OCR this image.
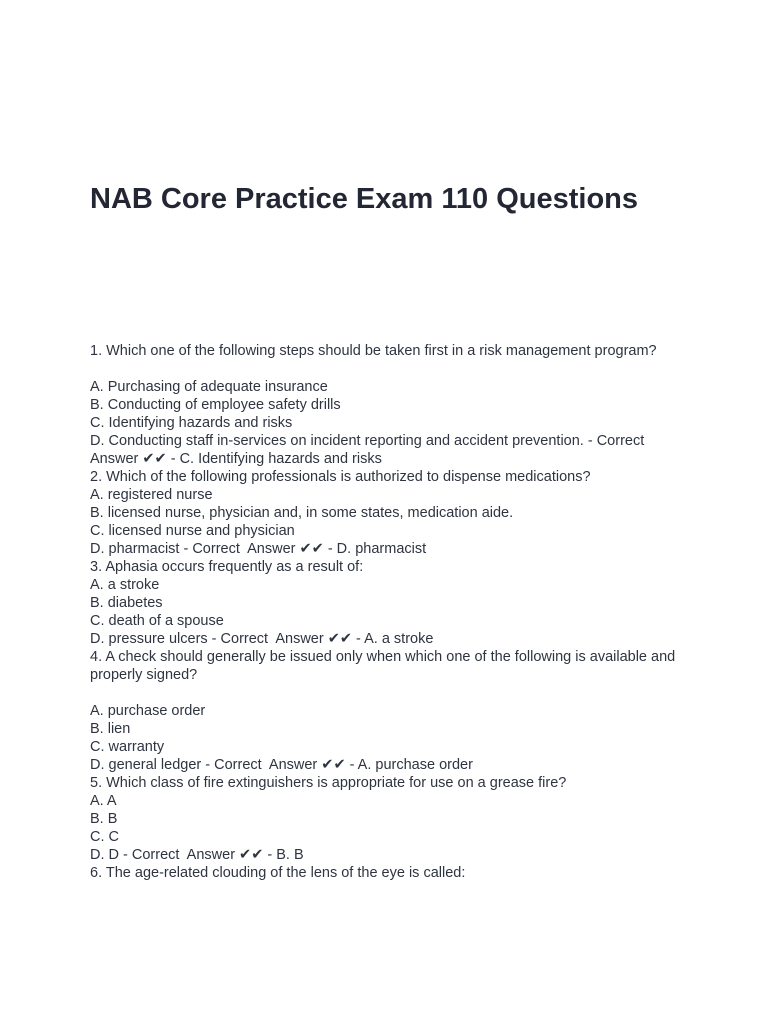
NAB Core Practice Exam 110 Questions
1. Which one of the following steps should be taken first in a risk management program?
A. Purchasing of adequate insurance
B. Conducting of employee safety drills
C. Identifying hazards and risks
D. Conducting staff in-services on incident reporting and accident prevention. - Correct Answer ✔✔ - C. Identifying hazards and risks
2. Which of the following professionals is authorized to dispense medications?
A. registered nurse
B. licensed nurse, physician and, in some states, medication aide.
C. licensed nurse and physician
D. pharmacist - Correct  Answer ✔✔ - D. pharmacist
3. Aphasia occurs frequently as a result of:
A. a stroke
B. diabetes
C. death of a spouse
D. pressure ulcers - Correct  Answer ✔✔ - A. a stroke
4. A check should generally be issued only when which one of the following is available and properly signed?
A. purchase order
B. lien
C. warranty
D. general ledger - Correct  Answer ✔✔ - A. purchase order
5. Which class of fire extinguishers is appropriate for use on a grease fire?
A. A
B. B
C. C
D. D - Correct  Answer ✔✔ - B. B
6. The age-related clouding of the lens of the eye is called:
